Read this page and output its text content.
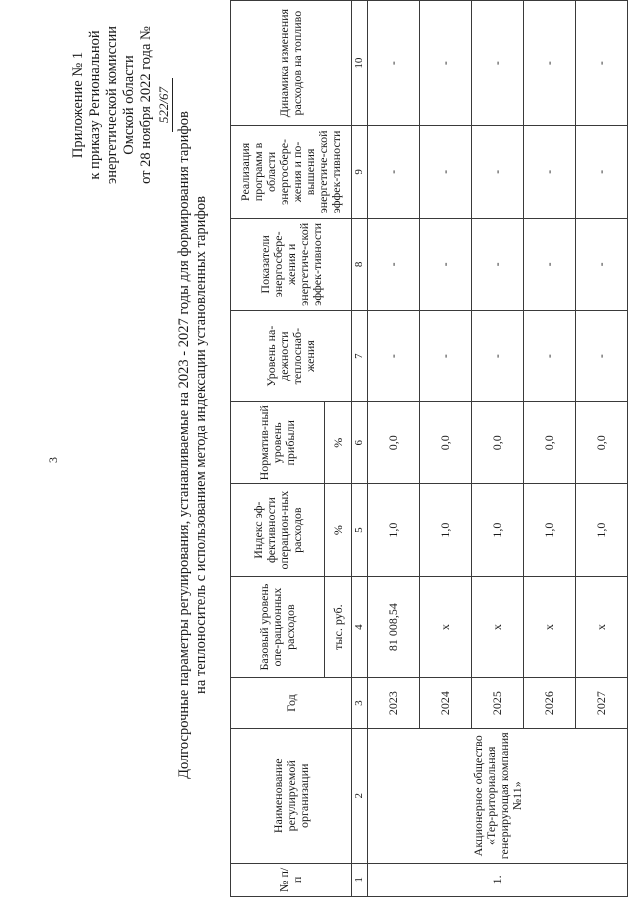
3
Приложение № 1 к приказу Региональной энергетической комиссии Омской области от 28 ноября 2022 года № 522/67
Долгосрочные параметры регулирования, устанавливаемые на 2023 - 2027 годы для формирования тарифов на теплоноситель с использованием метода индексации установленных тарифов
№ п/п	Наименование регулируемой организации	Год	Базовый уровень опе-рационных расходов	Индекс эф-фективности операцион-ных расходов	Норматив-ный уровень прибыли	Уровень на-дежности теплоснаб-жения	Показатели энергосбере-жения и энергетиче-ской эффек-тивности	Реализация программ в области энергосбере-жения и по-вышения энергетиче-ской эффек-тивности	Динамика изменения расходов на топливо
			тыс. руб.	%	%				
1	2	3	4	5	6	7	8	9	10
1.	Акционерное общество «Тер-риториальная генерирующая компания №11»	2023	81 008,54	1,0	0,0	-	-	-	-
		2024	х	1,0	0,0	-	-	-	-
		2025	х	1,0	0,0	-	-	-	-
		2026	х	1,0	0,0	-	-	-	-
		2027	х	1,0	0,0	-	-	-	-
